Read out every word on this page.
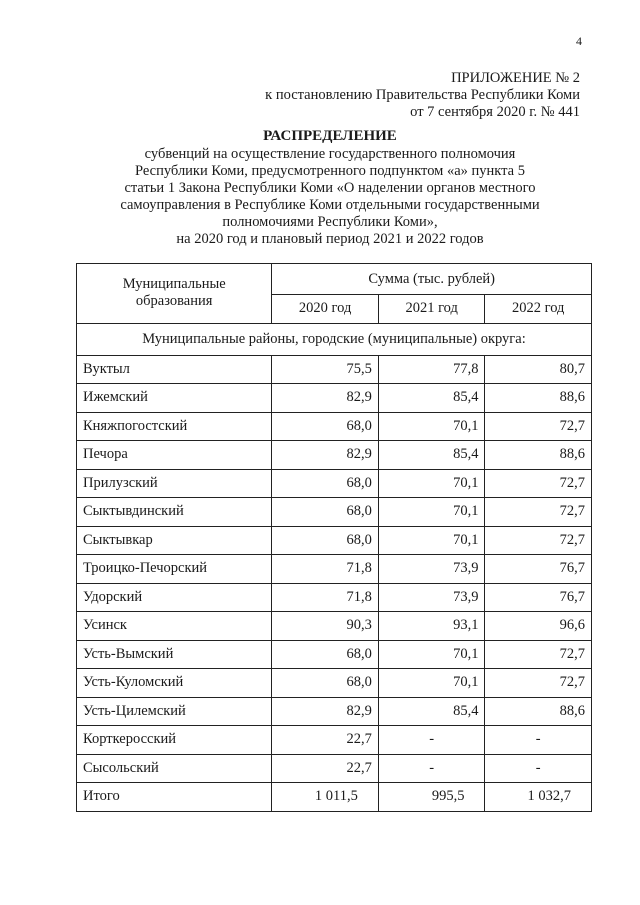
4
ПРИЛОЖЕНИЕ № 2
к постановлению Правительства Республики Коми
от 7 сентября 2020 г. № 441
РАСПРЕДЕЛЕНИЕ
субвенций на осуществление государственного полномочия
Республики Коми, предусмотренного подпунктом «а» пункта 5
статьи 1 Закона Республики Коми «О наделении органов местного
самоуправления в Республике Коми отдельными государственными
полномочиями Республики Коми»,
на 2020 год и плановый период 2021 и 2022 годов
Муниципальные образования	Сумма (тыс. рублей)		
	2020 год	2021 год	2022 год
Муниципальные районы, городские (муниципальные) округа:			
Вуктыл	75,5	77,8	80,7
Ижемский	82,9	85,4	88,6
Княжпогостский	68,0	70,1	72,7
Печора	82,9	85,4	88,6
Прилузский	68,0	70,1	72,7
Сыктывдинский	68,0	70,1	72,7
Сыктывкар	68,0	70,1	72,7
Троицко-Печорский	71,8	73,9	76,7
Удорский	71,8	73,9	76,7
Усинск	90,3	93,1	96,6
Усть-Вымский	68,0	70,1	72,7
Усть-Куломский	68,0	70,1	72,7
Усть-Цилемский	82,9	85,4	88,6
Корткеросский	22,7	-	-
Сысольский	22,7	-	-
Итого	1 011,5	995,5	1 032,7
